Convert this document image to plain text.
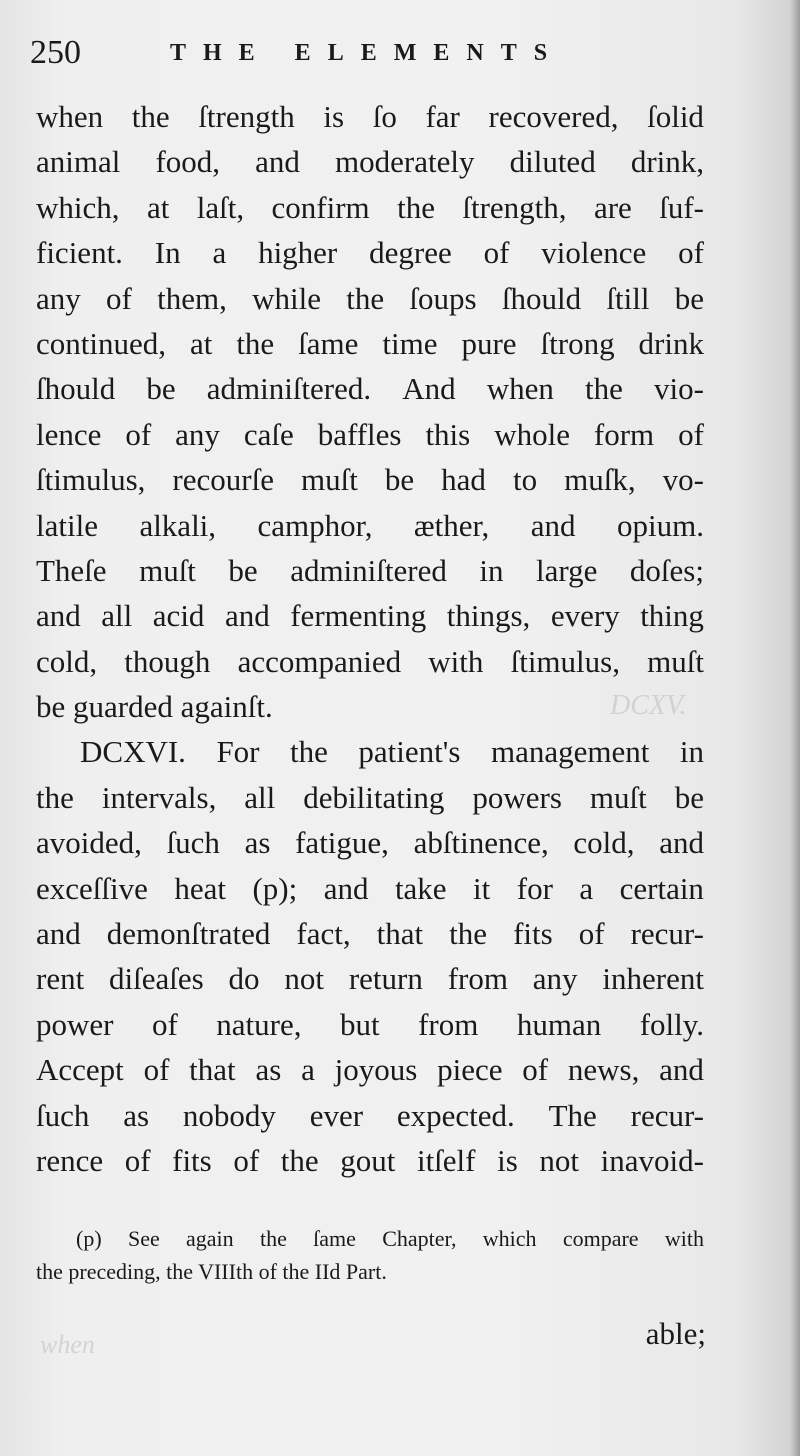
DCXV.
when
250	THE ELEMENTS
when the ſtrength is ſo far recovered, ſolid
animal food, and moderately diluted drink,
which, at laſt, confirm the ſtrength, are ſuf-
ficient. In a higher degree of violence of
any of them, while the ſoups ſhould ſtill be
continued, at the ſame time pure ſtrong drink
ſhould be adminiſtered. And when the vio-
lence of any caſe baffles this whole form of
ſtimulus, recourſe muſt be had to muſk, vo-
latile alkali, camphor, æther, and opium.
Theſe muſt be adminiſtered in large doſes;
and all acid and fermenting things, every thing
cold, though accompanied with ſtimulus, muſt
be guarded againſt.
DCXVI. For the patient's management in
the intervals, all debilitating powers muſt be
avoided, ſuch as fatigue, abſtinence, cold, and
exceſſive heat (p); and take it for a certain
and demonſtrated fact, that the fits of recur-
rent diſeaſes do not return from any inherent
power of nature, but from human folly.
Accept of that as a joyous piece of news, and
ſuch as nobody ever expected. The recur-
rence of fits of the gout itſelf is not inavoid-
(p) See again the ſame Chapter, which compare with
the preceding, the VIIIth of the IId Part.
able;
